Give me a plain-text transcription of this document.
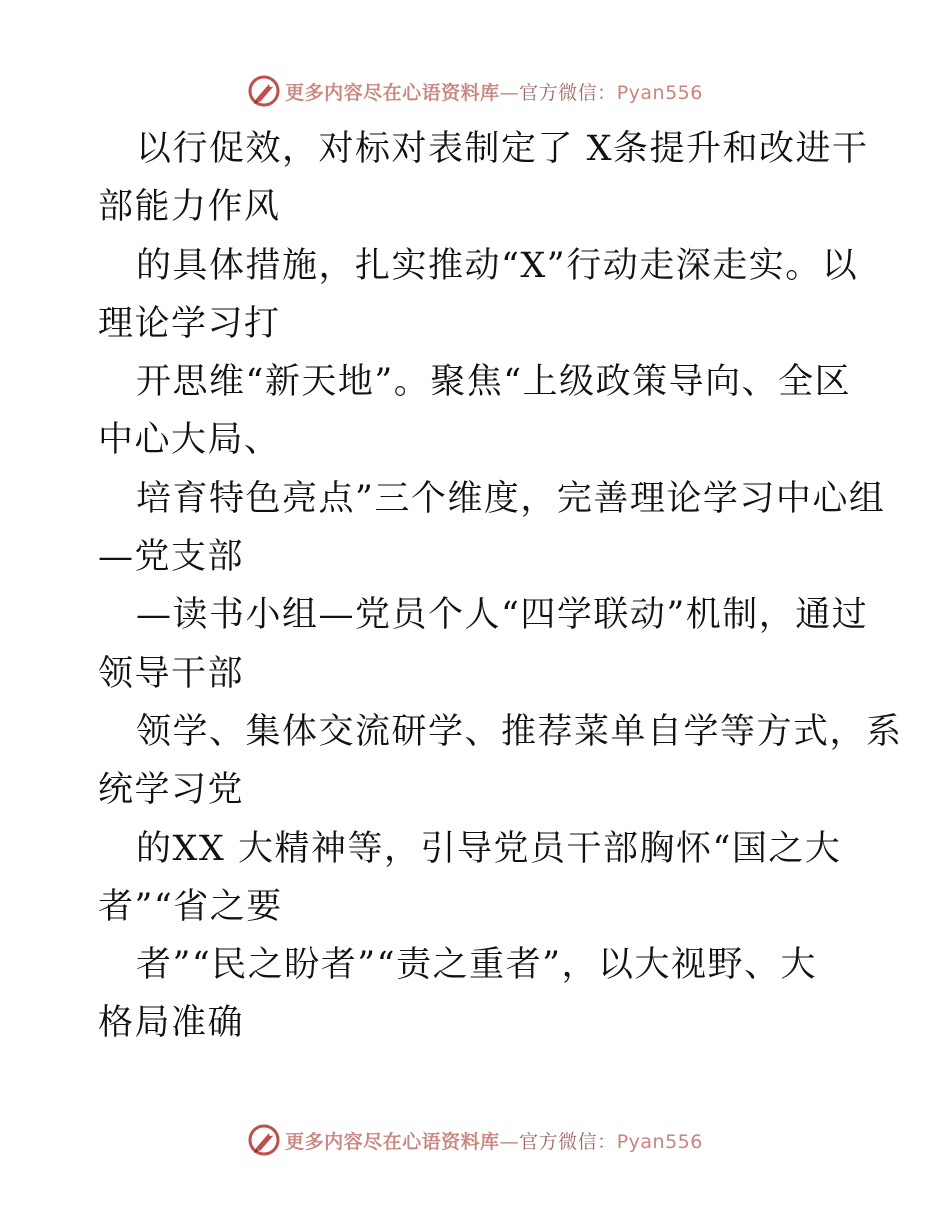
更多内容尽在心语资料库—官方微信：Pyan556
以行促效，对标对表制定了 X条提升和改进干
部能力作风
的具体措施，扎实推动“X”行动走深走实。以
理论学习打
开思维“新天地”。聚焦“上级政策导向、全区
中心大局、
培育特色亮点”三个维度，完善理论学习中心组
—党支部
—读书小组—党员个人“四学联动”机制，通过
领导干部
领学、集体交流研学、推荐菜单自学等方式，系
统学习党
的XX 大精神等，引导党员干部胸怀“国之大
者”“省之要
者”“民之盼者”“责之重者”，以大视野、大
格局准确
更多内容尽在心语资料库—官方微信：Pyan556
